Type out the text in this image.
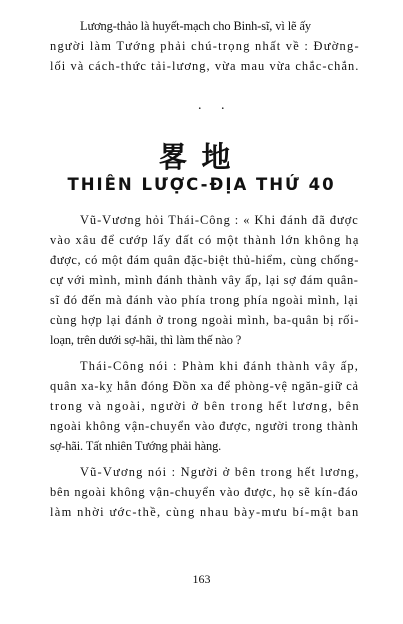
Lương-thảo là huyết-mạch cho Binh-sĩ, vì lẽ ấy
người làm Tướng phải chú-trọng nhất về : Đường-
lối và cách-thức tải-lương, vừa mau vừa chắc-chắn.
. .
畧地
THIÊN LƯỢC-ĐỊA THỨ 40
Vũ-Vương hỏi Thái-Công : « Khi đánh đã được
vào xâu để cướp lấy đất có một thành lớn không hạ
được, có một đám quân đặc-biệt thủ-hiểm, cùng chống-
cự với mình, mình đánh thành vây ấp, lại sợ đám quân-
sĩ đó đến mà đánh vào phía trong phía ngoài mình, lại
cùng hợp lại đánh ở trong ngoài mình, ba-quân bị rối-
loạn, trên dưới sợ-hãi, thì làm thế nào ?
Thái-Công nói : Phàm khi đánh thành vây ấp,
quân xa-kỵ hẳn đóng Đồn xa để phòng-vệ ngăn-giữ cả
trong và ngoài, người ở bên trong hết lương, bên
ngoài không vận-chuyển vào được, người trong thành
sợ-hãi. Tất nhiên Tướng phải hàng.
Vũ-Vương nói : Người ở bên trong hết lương,
bên ngoài không vận-chuyển vào được, họ sẽ kín-đáo
làm nhời ước-thề, cùng nhau bày-mưu bí-mật ban
163
